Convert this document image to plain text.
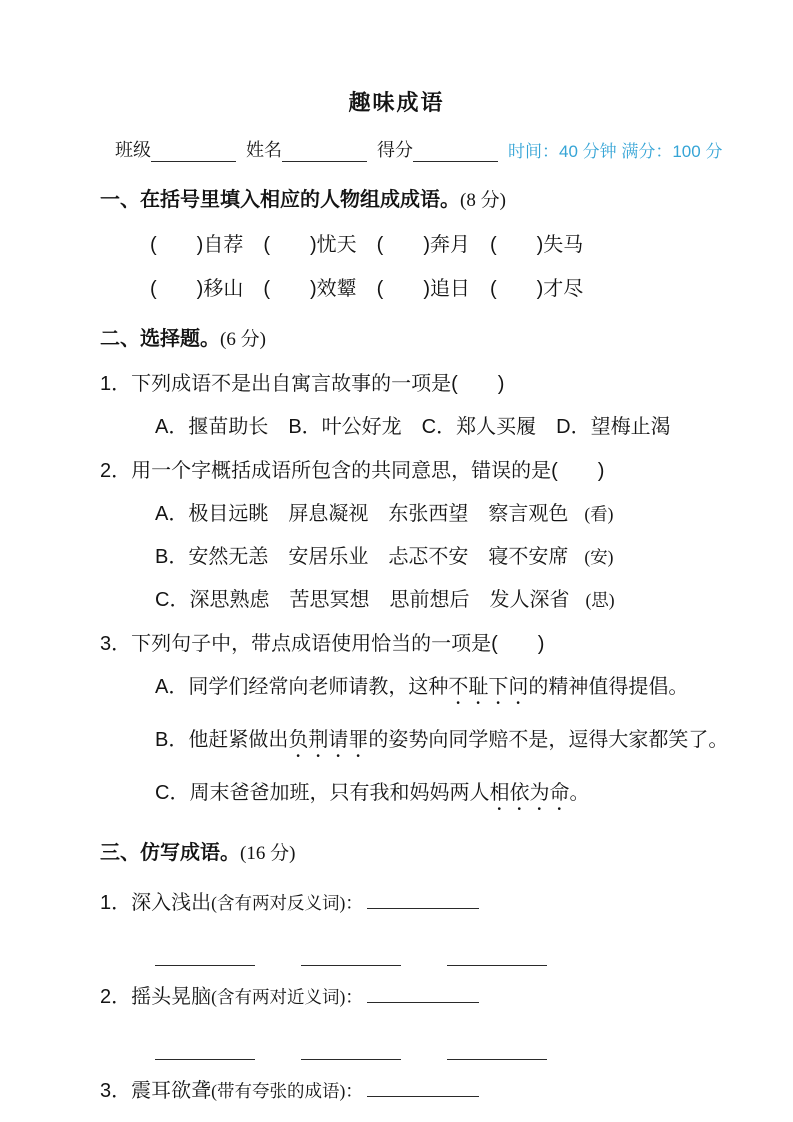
趣味成语
班级	姓名	得分	时间：40 分钟 满分：100 分
一、在括号里填入相应的人物组成成语。(8 分)
(　　)自荐 (　　)忧天 (　　)奔月 (　　)失马
(　　)移山 (　　)效颦 (　　)追日 (　　)才尽
二、选择题。(6 分)
1．下列成语不是出自寓言故事的一项是(　　)
A．揠苗助长　B．叶公好龙　C．郑人买履　D．望梅止渴
2．用一个字概括成语所包含的共同意思，错误的是(　　)
A．极目远眺　屏息凝视　东张西望　察言观色 (看)
B．安然无恙　安居乐业　忐忑不安　寝不安席 (安)
C．深思熟虑　苦思冥想　思前想后　发人深省 (思)
3．下列句子中，带点成语使用恰当的一项是(　　)
A．同学们经常向老师请教，这种不耻下问的精神值得提倡。
B．他赶紧做出负荆请罪的姿势向同学赔不是，逗得大家都笑了。
C．周末爸爸加班，只有我和妈妈两人相依为命。
三、仿写成语。(16 分)
1．深入浅出(含有两对反义词)：
2．摇头晃脑(含有两对近义词)：
3．震耳欲聋(带有夸张的成语)：
